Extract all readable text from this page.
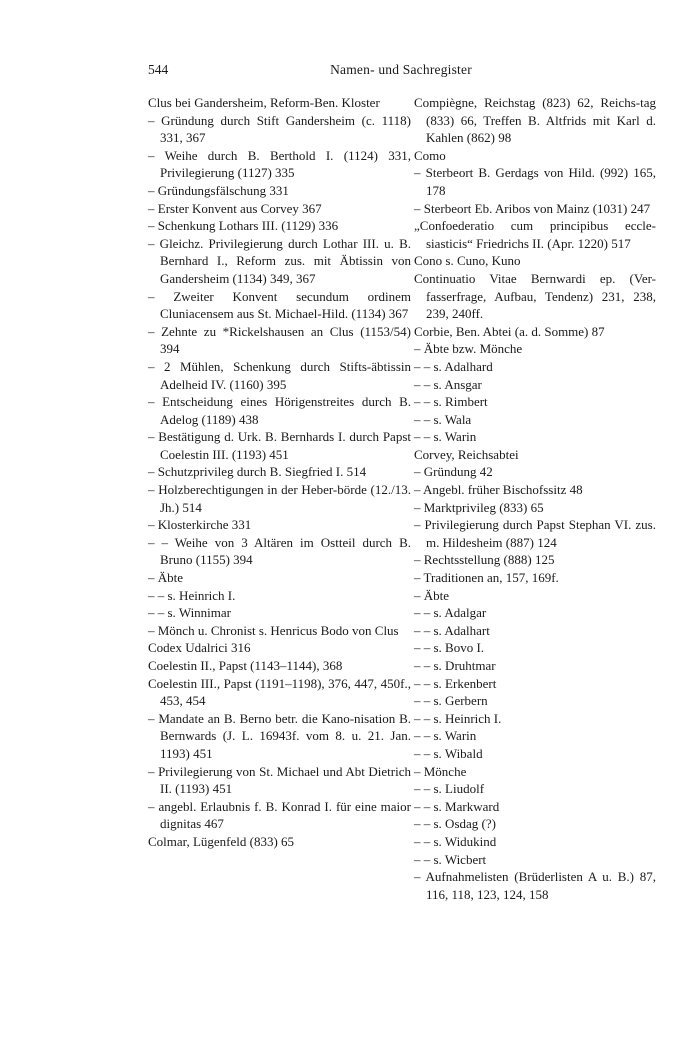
544	Namen- und Sachregister

Clus bei Gandersheim, Reform-Ben. Kloster

– Gründung durch Stift Gandersheim (c. 1118) 331, 367

– Weihe durch B. Berthold I. (1124) 331, Privilegierung (1127) 335

– Gründungsfälschung 331

– Erster Konvent aus Corvey 367

– Schenkung Lothars III. (1129) 336

– Gleichz. Privilegierung durch Lothar III. u. B. Bernhard I., Reform zus. mit Äbtissin von Gandersheim (1134) 349, 367

– Zweiter Konvent secundum ordinem Cluniacensem aus St. Michael-Hild. (1134) 367

– Zehnte zu *Rickelshausen an Clus (1153/54) 394

– 2 Mühlen, Schenkung durch Stifts-äbtissin Adelheid IV. (1160) 395

– Entscheidung eines Hörigenstreites durch B. Adelog (1189) 438

– Bestätigung d. Urk. B. Bernhards I. durch Papst Coelestin III. (1193) 451

– Schutzprivileg durch B. Siegfried I. 514

– Holzberechtigungen in der Heber-börde (12./13. Jh.) 514

– Klosterkirche 331

– – Weihe von 3 Altären im Ostteil durch B. Bruno (1155) 394

– Äbte

– – s. Heinrich I.

– – s. Winnimar

– Mönch u. Chronist s. Henricus Bodo von Clus

Codex Udalrici 316

Coelestin II., Papst (1143–1144), 368

Coelestin III., Papst (1191–1198), 376, 447, 450f., 453, 454

– Mandate an B. Berno betr. die Kano-nisation B. Bernwards (J. L. 16943f. vom 8. u. 21. Jan. 1193) 451

– Privilegierung von St. Michael und Abt Dietrich II. (1193) 451

– angebl. Erlaubnis f. B. Konrad I. für eine maior dignitas 467

Colmar, Lügenfeld (833) 65

Compiègne, Reichstag (823) 62, Reichs-tag (833) 66, Treffen B. Altfrids mit Karl d. Kahlen (862) 98

Como

– Sterbeort B. Gerdags von Hild. (992) 165, 178

– Sterbeort Eb. Aribos von Mainz (1031) 247

„Confoederatio cum principibus eccle-siasticis“ Friedrichs II. (Apr. 1220) 517

Cono s. Cuno, Kuno

Continuatio Vitae Bernwardi ep. (Ver-fasserfrage, Aufbau, Tendenz) 231, 238, 239, 240ff.

Corbie, Ben. Abtei (a. d. Somme) 87

– Äbte bzw. Mönche

– – s. Adalhard

– – s. Ansgar

– – s. Rimbert

– – s. Wala

– – s. Warin

Corvey, Reichsabtei

– Gründung 42

– Angebl. früher Bischofssitz 48

– Marktprivileg (833) 65

– Privilegierung durch Papst Stephan VI. zus. m. Hildesheim (887) 124

– Rechtsstellung (888) 125

– Traditionen an, 157, 169f.

– Äbte

– – s. Adalgar

– – s. Adalhart

– – s. Bovo I.

– – s. Druhtmar

– – s. Erkenbert

– – s. Gerbern

– – s. Heinrich I.

– – s. Warin

– – s. Wibald

– Mönche

– – s. Liudolf

– – s. Markward

– – s. Osdag (?)

– – s. Widukind

– – s. Wicbert

– Aufnahmelisten (Brüderlisten A u. B.) 87, 116, 118, 123, 124, 158
